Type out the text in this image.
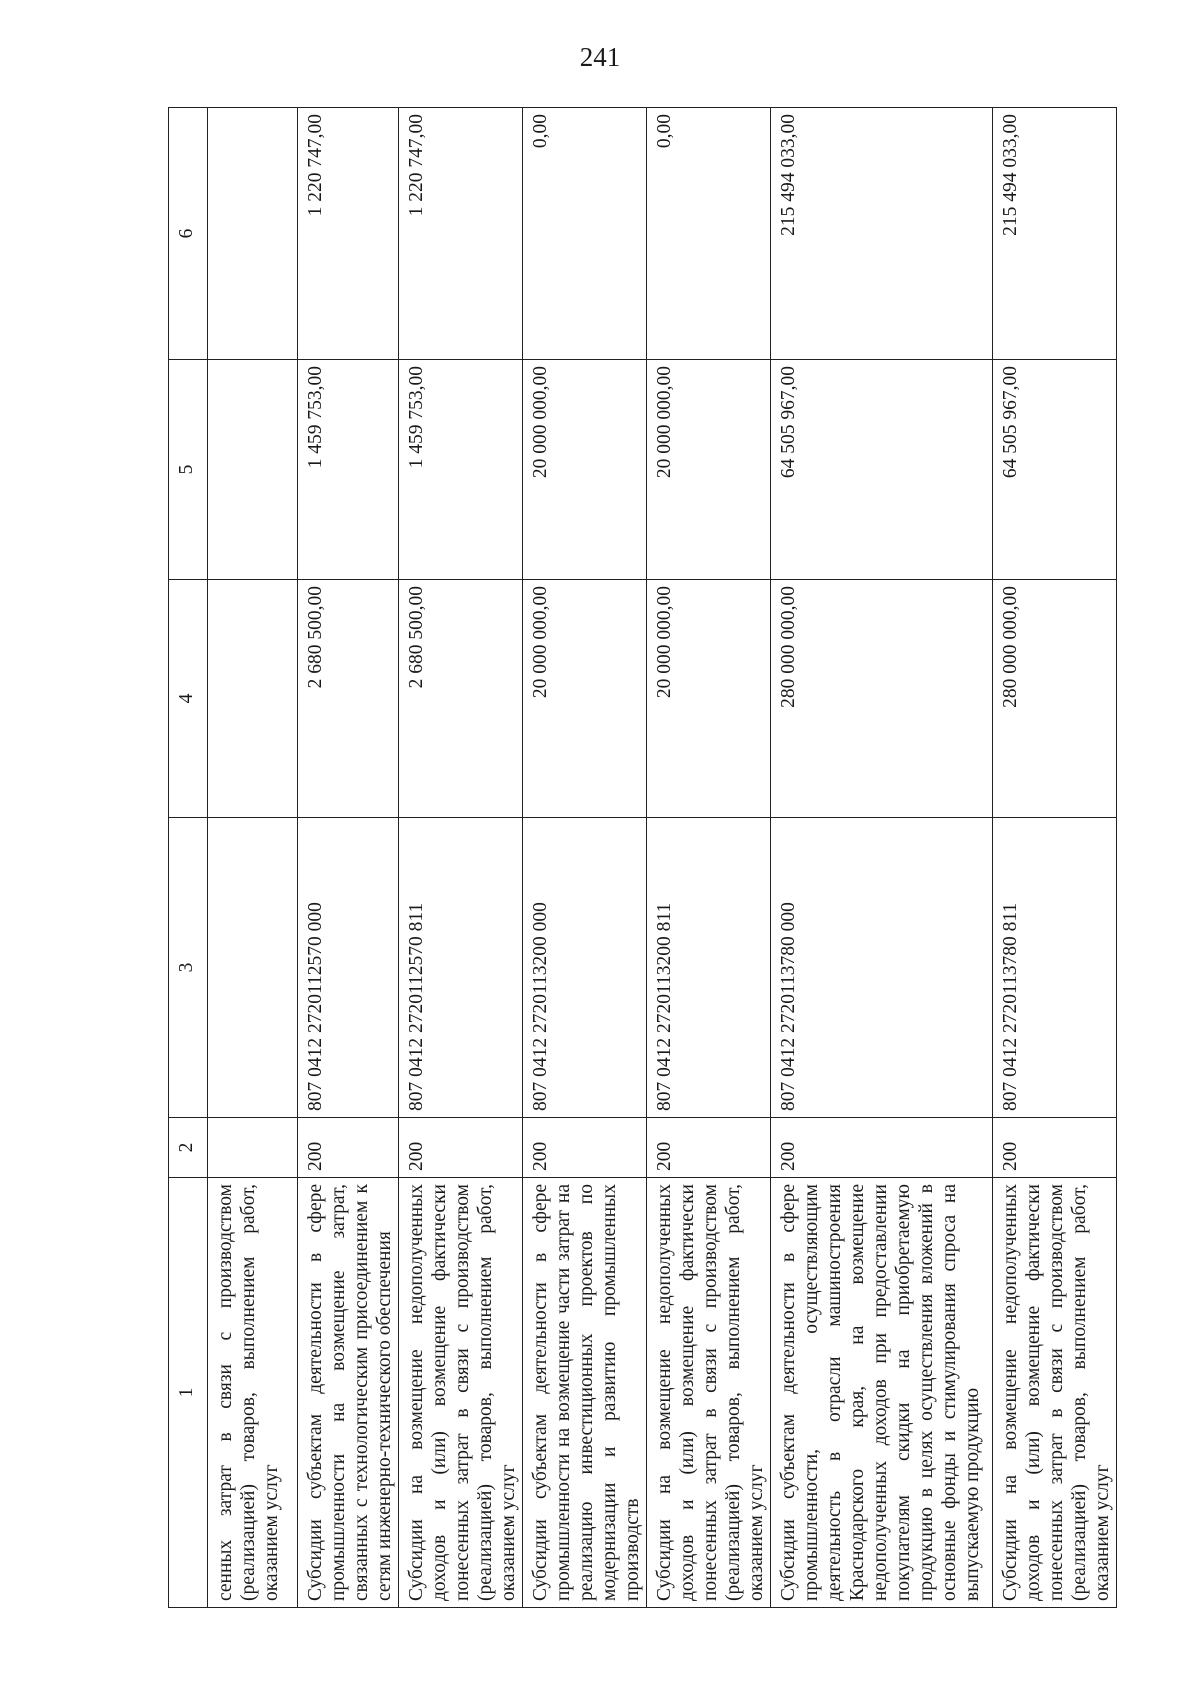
241
1	2	3	4	5	6
сенных затрат в связи с производством (реализацией) товаров, выполнением работ, оказанием услуг					
Субсидии субъектам деятельности в сфере промышленности на возмещение затрат, связанных с технологическим присоединением к сетям инженерно-технического обеспечения	200	807 0412 2720112570 000	2 680 500,00	1 459 753,00	1 220 747,00
Субсидии на возмещение недополученных доходов и (или) возмещение фактически понесенных затрат в связи с производством (реализацией) товаров, выполнением работ, оказанием услуг	200	807 0412 2720112570 811	2 680 500,00	1 459 753,00	1 220 747,00
Субсидии субъектам деятельности в сфере промышленности на возмещение части затрат на реализацию инвестиционных проектов по модернизации и развитию промышленных производств	200	807 0412 2720113200 000	20 000 000,00	20 000 000,00	0,00
Субсидии на возмещение недополученных доходов и (или) возмещение фактически понесенных затрат в связи с производством (реализацией) товаров, выполнением работ, оказанием услуг	200	807 0412 2720113200 811	20 000 000,00	20 000 000,00	0,00
Субсидии субъектам деятельности в сфере промышленности, осуществляющим деятельность в отрасли машиностроения Краснодарского края, на возмещение недополученных доходов при предоставлении покупателям скидки на приобретаемую продукцию в целях осуществления вложений в основные фонды и стимулирования спроса на выпускаемую продукцию	200	807 0412 2720113780 000	280 000 000,00	64 505 967,00	215 494 033,00
Субсидии на возмещение недополученных доходов и (или) возмещение фактически понесенных затрат в связи с производством (реализацией) товаров, выполнением работ, оказанием услуг	200	807 0412 2720113780 811	280 000 000,00	64 505 967,00	215 494 033,00
